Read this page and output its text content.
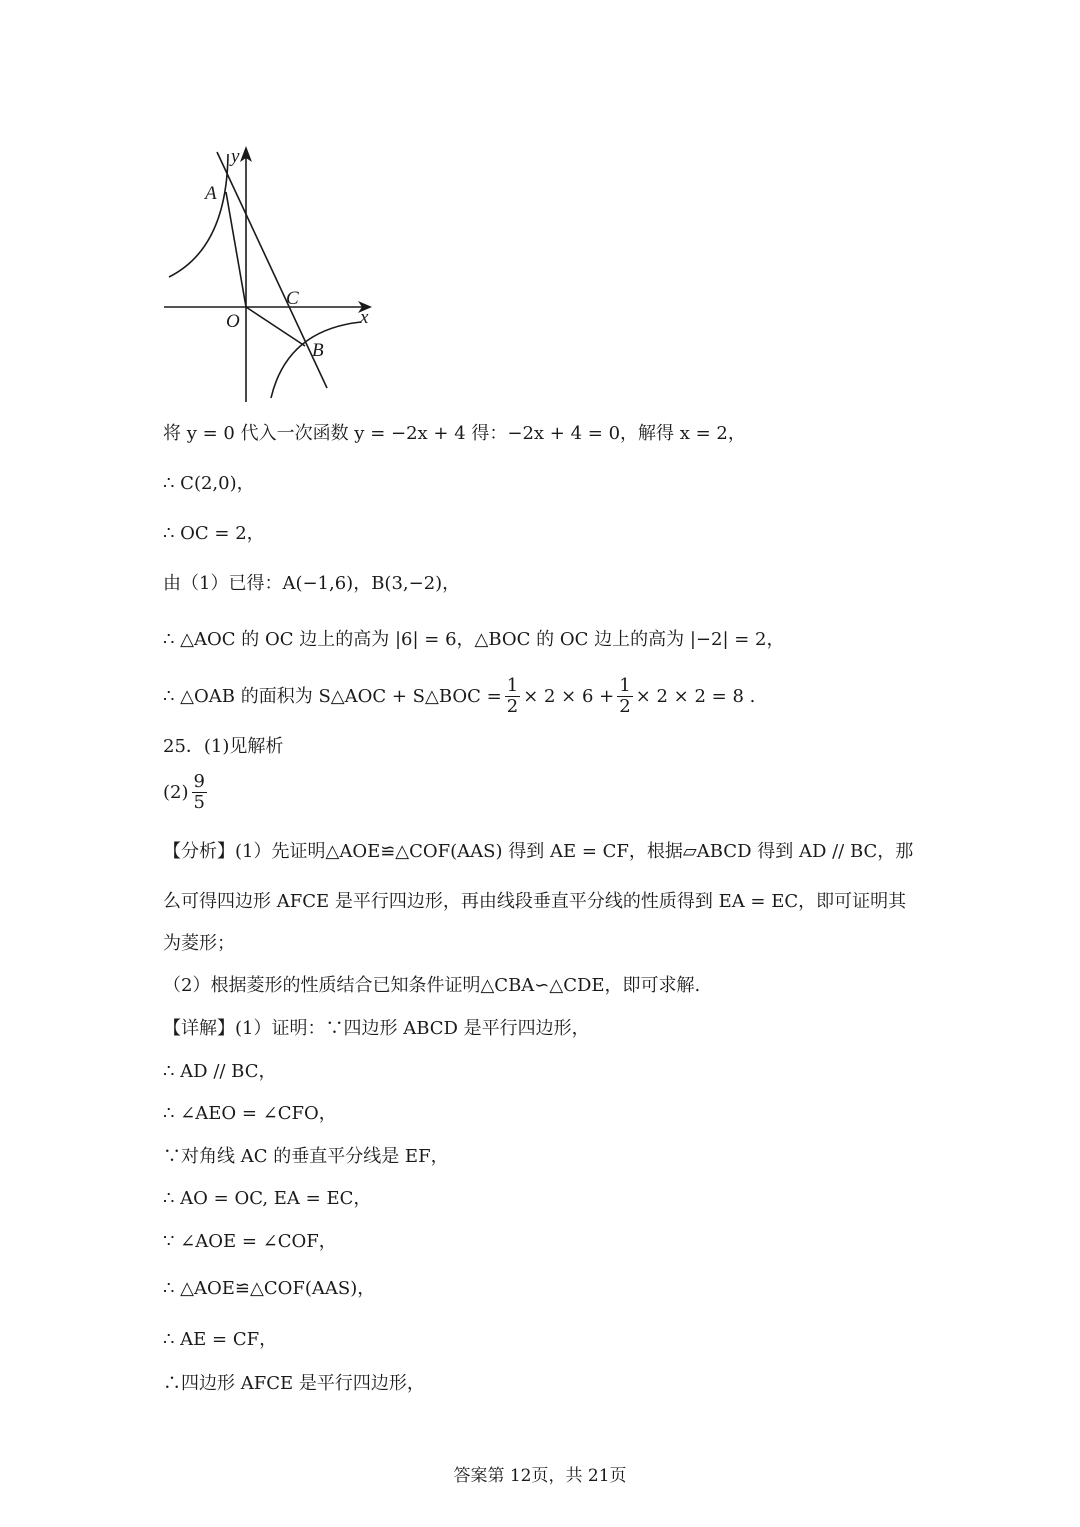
y
x
A
C
O
B
将 y = 0 代入一次函数 y = −2x + 4 得：−2x + 4 = 0，解得 x = 2，
∴ C(2,0)，
∴ OC = 2，
由（1）已得：A(−1,6)，B(3,−2)，
∴ △AOC 的 OC 边上的高为 |6| = 6，△BOC 的 OC 边上的高为 |−2| = 2，
∴ △OAB 的面积为 S△AOC + S△BOC = $\frac{1}{2} \times 2 \times 6 + \frac{1}{2} \times 2 \times 2 = 8$ .
25．(1)见解析
$(2) \frac{9}{5}$
【分析】(1）先证明△AOE≌△COF(AAS) 得到 AE = CF，根据▱ABCD 得到 AD // BC，那
么可得四边形 AFCE 是平行四边形，再由线段垂直平分线的性质得到 EA = EC，即可证明其
为菱形；
（2）根据菱形的性质结合已知条件证明△CBA∽△CDE，即可求解.
【详解】(1）证明：∵四边形 ABCD 是平行四边形，
∴ AD // BC，
∴ ∠AEO = ∠CFO，
∵对角线 AC 的垂直平分线是 EF，
∴ AO = OC, EA = EC，
∵ ∠AOE = ∠COF，
∴ △AOE≌△COF(AAS)，
∴ AE = CF，
∴四边形 AFCE 是平行四边形，
答案第 12页，共 21页
